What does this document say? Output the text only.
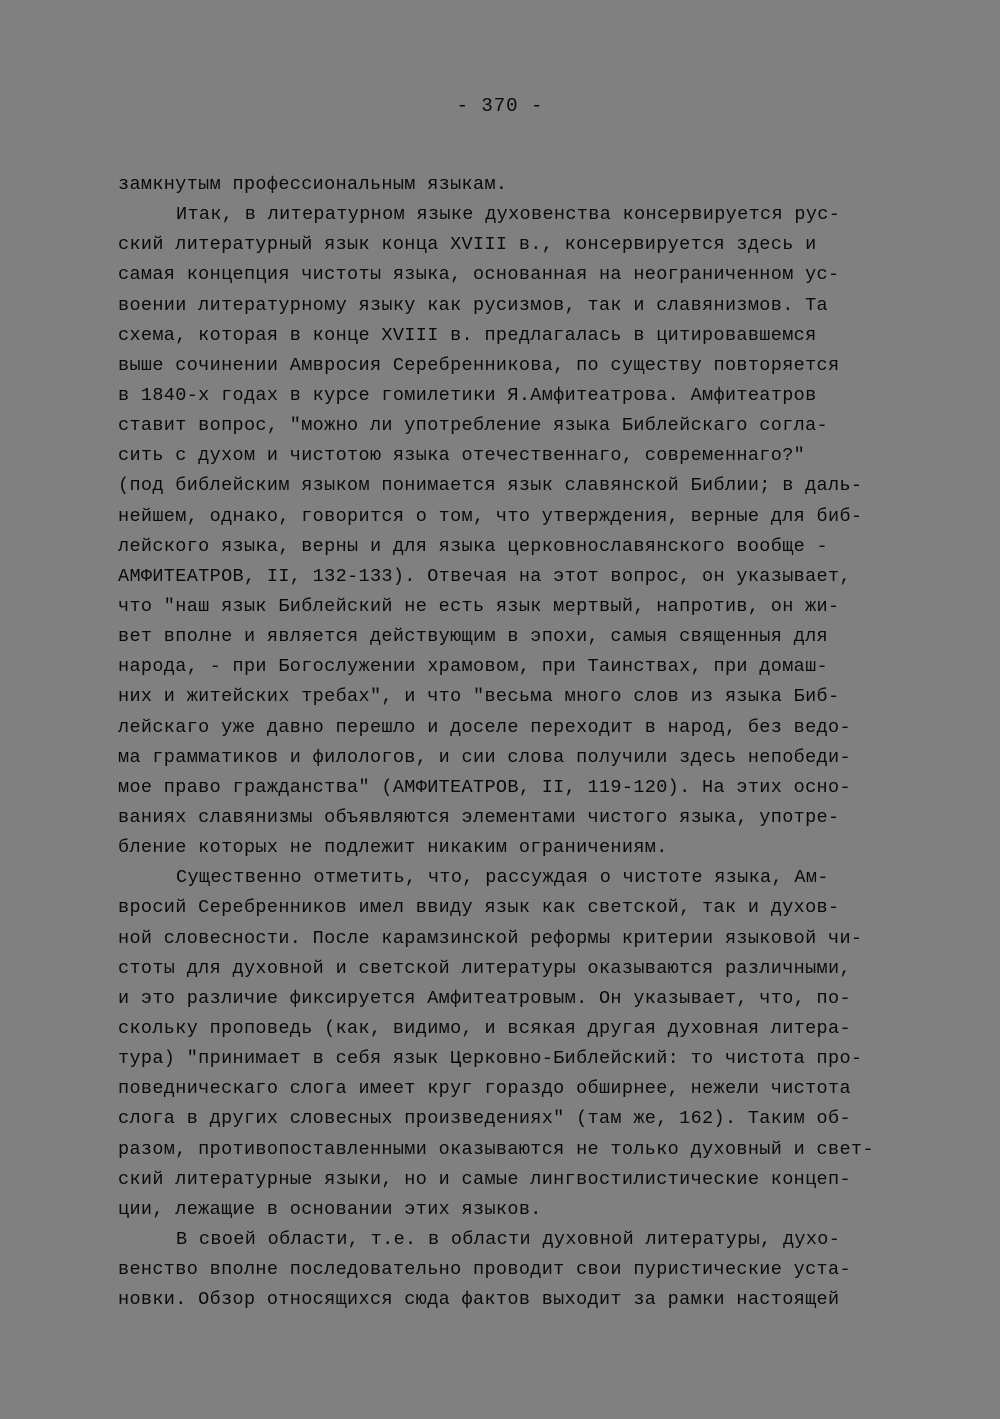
- 370 -
замкнутым профессиональным языкам.
Итак, в литературном языке духовенства консервируется рус-
ский литературный язык конца XVIII в., консервируется здесь и
самая концепция чистоты языка, основанная на неограниченном ус-
воении литературному языку как русизмов, так и славянизмов. Та
схема, которая в конце XVIII в. предлагалась в цитировавшемся
выше сочинении Амвросия Серебренникова, по существу повторяется
в 1840-х годах в курсе гомилетики Я.Амфитеатрова. Амфитеатров
ставит вопрос, "можно ли употребление языка Библейскаго согла-
сить с духом и чистотою языка отечественнаго, современнаго?"
(под библейским языком понимается язык славянской Библии; в даль-
нейшем, однако, говорится о том, что утверждения, верные для биб-
лейского языка, верны и для языка церковнославянского вообще -
АМФИТЕАТРОВ, II, 132-133). Отвечая на этот вопрос, он указывает,
что "наш язык Библейский не есть язык мертвый, напротив, он жи-
вет вполне и является действующим в эпохи, самыя священныя для
народа, - при Богослужении храмовом, при Таинствах, при домаш-
них и житейских требах", и что "весьма много слов из языка Биб-
лейскаго уже давно перешло и доселе переходит в народ, без ведо-
ма грамматиков и филологов, и сии слова получили здесь непобеди-
мое право гражданства" (АМФИТЕАТРОВ, II, 119-120). На этих осно-
ваниях славянизмы объявляются элементами чистого языка, употре-
бление которых не подлежит никаким ограничениям.
Существенно отметить, что, рассуждая о чистоте языка, Ам-
вросий Серебренников имел ввиду язык как светской, так и духов-
ной словесности. После карамзинской реформы критерии языковой чи-
стоты для духовной и светской литературы оказываются различными,
и это различие фиксируется Амфитеатровым. Он указывает, что, по-
скольку проповедь (как, видимо, и всякая другая духовная литера-
тура) "принимает в себя язык Церковно-Библейский: то чистота про-
поведническаго слога имеет круг гораздо обширнее, нежели чистота
слога в других словесных произведениях" (там же, 162). Таким об-
разом, противопоставленными оказываются не только духовный и свет-
ский литературные языки, но и самые лингвостилистические концеп-
ции, лежащие в основании этих языков.
В своей области, т.е. в области духовной литературы, духо-
венство вполне последовательно проводит свои пуристические уста-
новки. Обзор относящихся сюда фактов выходит за рамки настоящей
